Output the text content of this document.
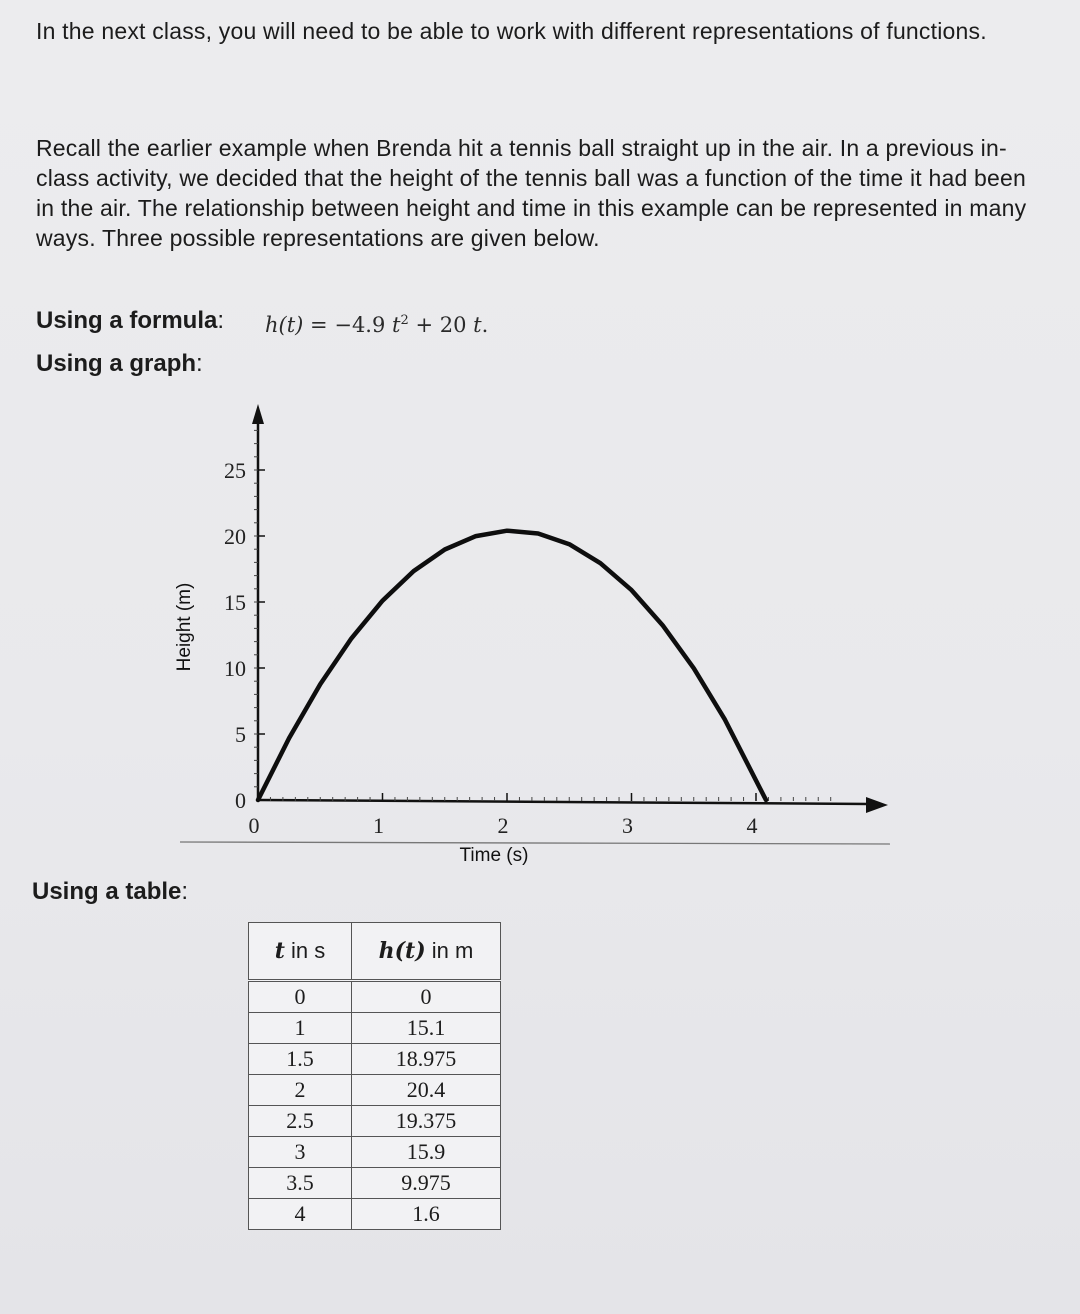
In the next class, you will need to be able to work with different representations of functions.

Recall the earlier example when Brenda hit a tennis ball straight up in the air. In a previous in-class activity, we decided that the height of the tennis ball was a function of the time it had been in the air. The relationship between height and time in this example can be represented in many ways. Three possible representations are given below.

Using a formula: h(t) = −4.9 $t^2 + 20$ t.
Using a graph:
0
5
10
15
20
25
0	1	2	3	4
Time (s)
Height (m)
Using a table:
t in s	h(t) in m
0	0
1	15.1
1.5	18.975
2	20.4
2.5	19.375
3	15.9
3.5	9.975
4	1.6
